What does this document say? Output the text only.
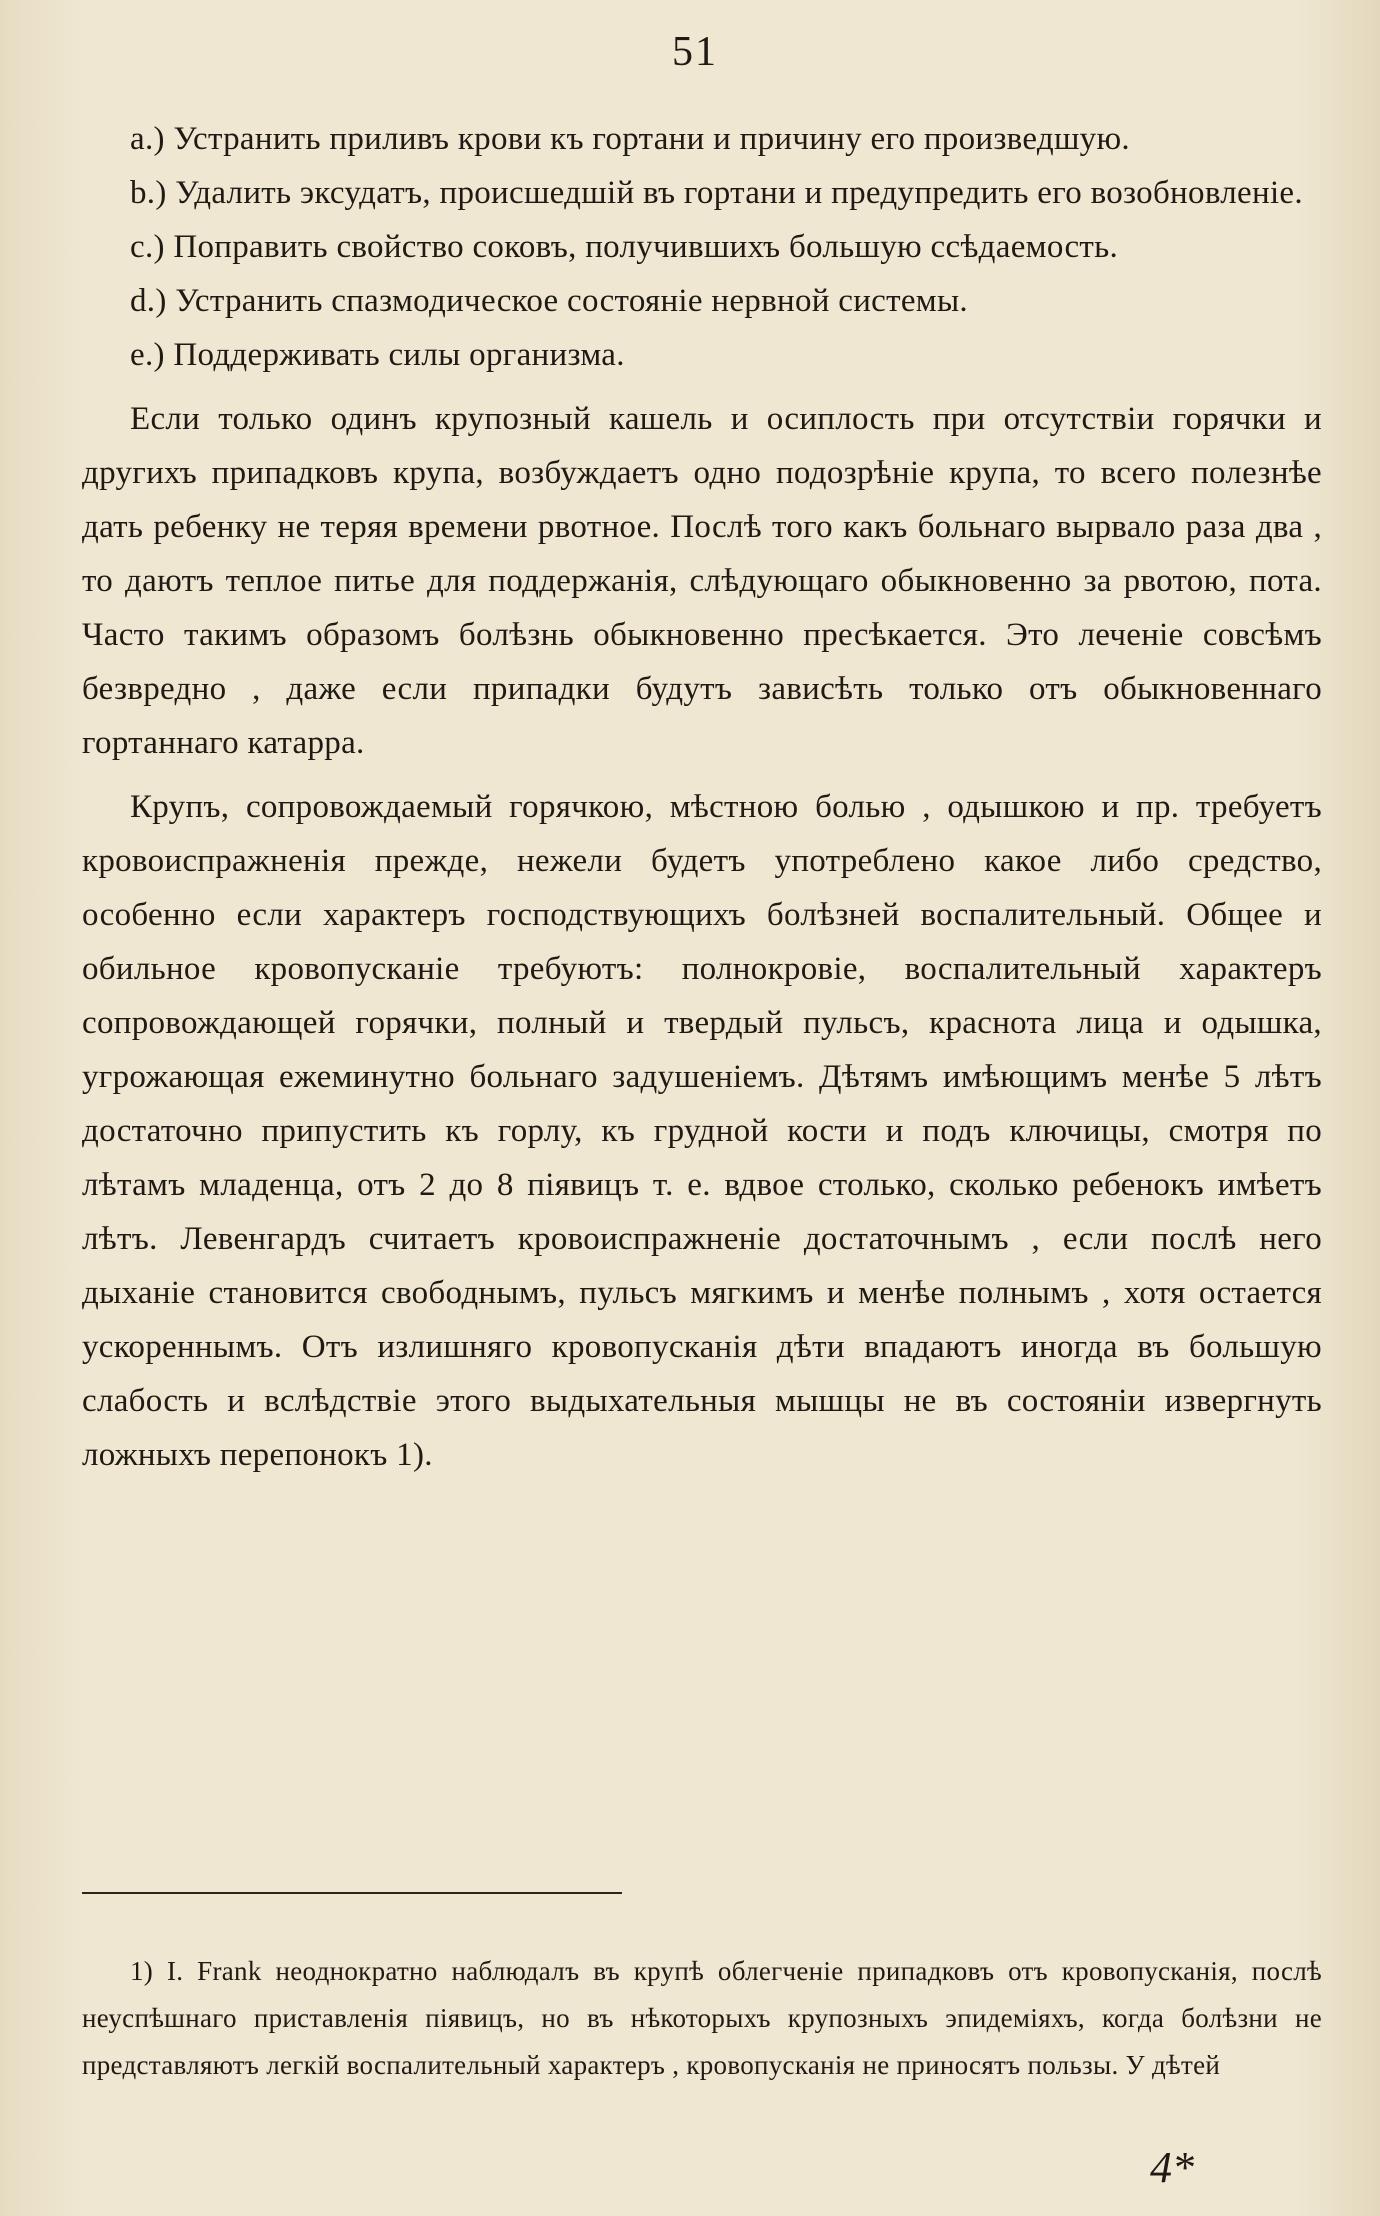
51

a.) Устранить приливъ крови къ гортани и причину его произведшую.

b.) Удалить эксудатъ, происшедшій въ гортани и предупредить его возобновленіе.

c.) Поправить свойство соковъ, получившихъ большую ссѣдаемость.

d.) Устранить спазмодическое состояніе нервной системы.

e.) Поддерживать силы организма.

Если только одинъ крупозный кашель и осиплость при отсутствіи горячки и другихъ припадковъ крупа, возбуждаетъ одно подозрѣніе крупа, то всего полезнѣе дать ребенку не теряя времени рвотное. Послѣ того какъ больнаго вырвало раза два , то даютъ теплое питье для поддержанія, слѣдующаго обыкновенно за рвотою, пота. Часто такимъ образомъ болѣзнь обыкновенно пресѣкается. Это леченіе совсѣмъ безвредно , даже если припадки будутъ зависѣть только отъ обыкновеннаго гортаннаго катарра.

Крупъ, сопровождаемый горячкою, мѣстною болью , одышкою и пр. требуетъ кровоиспражненія прежде, нежели будетъ употреблено какое либо средство, особенно если характеръ господствующихъ болѣзней воспалительный. Общее и обильное кровопусканіе требуютъ: полнокровіе, воспалительный характеръ сопровождающей горячки, полный и твердый пульсъ, краснота лица и одышка, угрожающая ежеминутно больнаго задушеніемъ. Дѣтямъ имѣющимъ менѣе 5 лѣтъ достаточно припустить къ горлу, къ грудной кости и подъ ключицы, смотря по лѣтамъ младенца, отъ 2 до 8 піявицъ т. е. вдвое столько, сколько ребенокъ имѣетъ лѣтъ. Левенгардъ считаетъ кровоиспражненіе достаточнымъ , если послѣ него дыханіе становится свободнымъ, пульсъ мягкимъ и менѣе полнымъ , хотя остается ускореннымъ. Отъ излишняго кровопусканія дѣти впадаютъ иногда въ большую слабость и вслѣдствіе этого выдыхательныя мышцы не въ состояніи извергнуть ложныхъ перепонокъ 1).

1) I. Frank неоднократно наблюдалъ въ крупѣ облегченіе припадковъ отъ кровопусканія, послѣ неуспѣшнаго приставленія піявицъ, но въ нѣкоторыхъ крупозныхъ эпидеміяхъ, когда болѣзни не представляютъ легкій воспалительный характеръ , кровопусканія не приносятъ пользы. У дѣтей

4*
